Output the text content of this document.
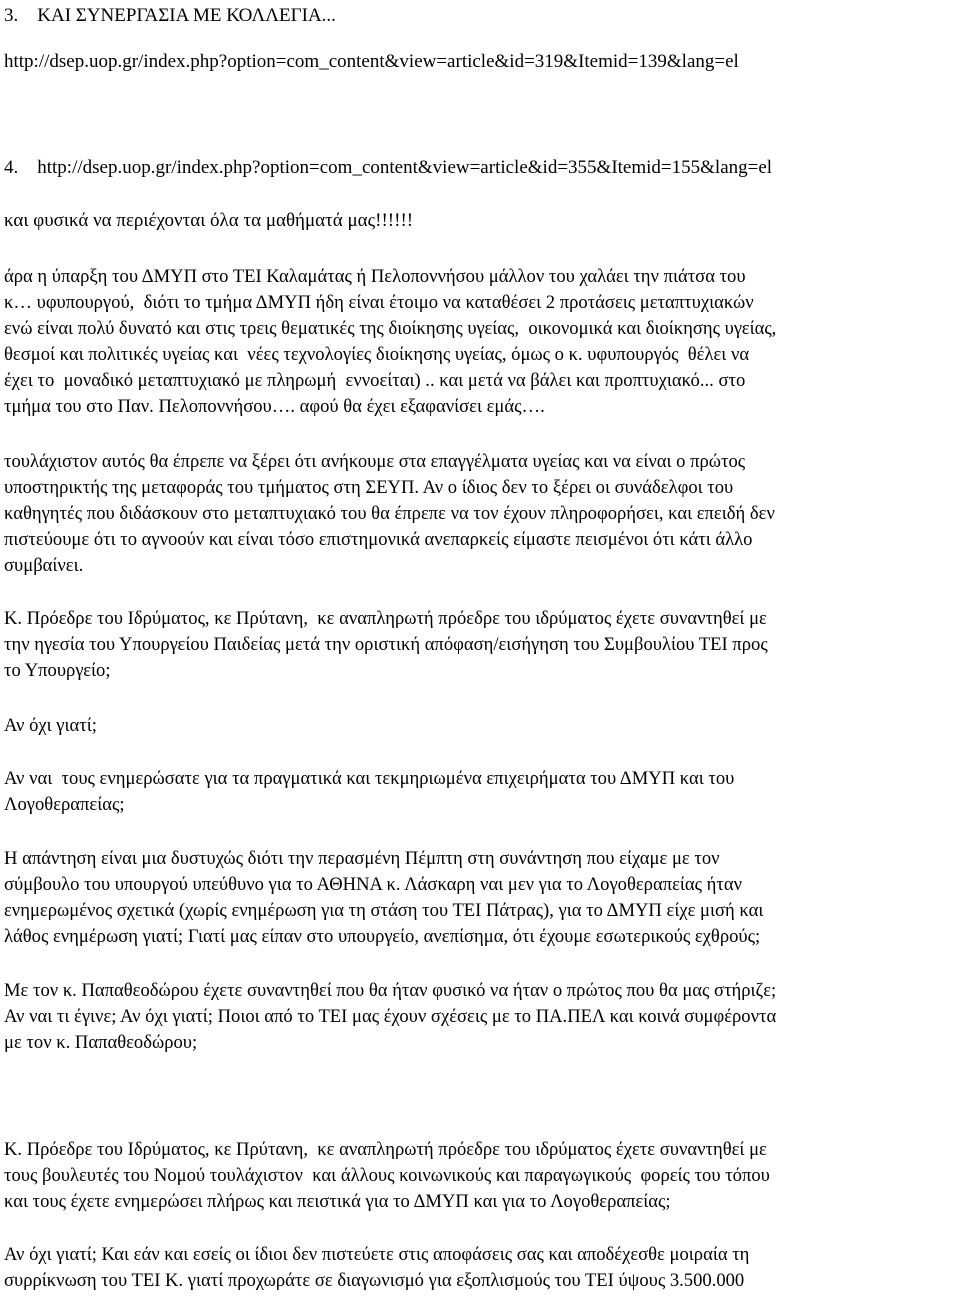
3.    ΚΑΙ ΣΥΝΕΡΓΑΣΙΑ ΜΕ ΚΟΛΛΕΓΙΑ...
http://dsep.uop.gr/index.php?option=com_content&view=article&id=319&Itemid=139&lang=el
4.    http://dsep.uop.gr/index.php?option=com_content&view=article&id=355&Itemid=155&lang=el
και φυσικά να περιέχονται όλα τα μαθήματά μας!!!!!!
άρα η ύπαρξη του ΔΜΥΠ στο ΤΕΙ Καλαμάτας ή Πελοποννήσου μάλλον του χαλάει την πιάτσα του
κ… υφυπουργού,  διότι το τμήμα ΔΜΥΠ ήδη είναι έτοιμο να καταθέσει 2 προτάσεις μεταπτυχιακών
ενώ είναι πολύ δυνατό και στις τρεις θεματικές της διοίκησης υγείας,  οικονομικά και διοίκησης υγείας,
θεσμοί και πολιτικές υγείας και  νέες τεχνολογίες διοίκησης υγείας, όμως ο κ. υφυπουργός  θέλει να
έχει το  μοναδικό μεταπτυχιακό με πληρωμή  εννοείται) .. και μετά να βάλει και προπτυχιακό... στο
τμήμα του στο Παν. Πελοποννήσου…. αφού θα έχει εξαφανίσει εμάς….
τουλάχιστον αυτός θα έπρεπε να ξέρει ότι ανήκουμε στα επαγγέλματα υγείας και να είναι ο πρώτος
υποστηρικτής της μεταφοράς του τμήματος στη ΣΕΥΠ. Αν ο ίδιος δεν το ξέρει οι συνάδελφοι του
καθηγητές που διδάσκουν στο μεταπτυχιακό του θα έπρεπε να τον έχουν πληροφορήσει, και επειδή δεν
πιστεύουμε ότι το αγνοούν και είναι τόσο επιστημονικά ανεπαρκείς είμαστε πεισμένοι ότι κάτι άλλο
συμβαίνει.
Κ. Πρόεδρε του Ιδρύματος, κε Πρύτανη,  κε αναπληρωτή πρόεδρε του ιδρύματος έχετε συναντηθεί με
την ηγεσία του Υπουργείου Παιδείας μετά την οριστική απόφαση/εισήγηση του Συμβουλίου ΤΕΙ προς
το Υπουργείο;
Αν όχι γιατί;
Αν ναι  τους ενημερώσατε για τα πραγματικά και τεκμηριωμένα επιχειρήματα του ΔΜΥΠ και του
Λογοθεραπείας;
Η απάντηση είναι μια δυστυχώς διότι την περασμένη Πέμπτη στη συνάντηση που είχαμε με τον
σύμβουλο του υπουργού υπεύθυνο για το ΑΘΗΝΑ κ. Λάσκαρη ναι μεν για το Λογοθεραπείας ήταν
ενημερωμένος σχετικά (χωρίς ενημέρωση για τη στάση του ΤΕΙ Πάτρας), για το ΔΜΥΠ είχε μισή και
λάθος ενημέρωση γιατί; Γιατί μας είπαν στο υπουργείο, ανεπίσημα, ότι έχουμε εσωτερικούς εχθρούς;
Με τον κ. Παπαθεοδώρου έχετε συναντηθεί που θα ήταν φυσικό να ήταν ο πρώτος που θα μας στήριζε;
Αν ναι τι έγινε; Αν όχι γιατί; Ποιοι από το ΤΕΙ μας έχουν σχέσεις με το ΠΑ.ΠΕΛ και κοινά συμφέροντα
με τον κ. Παπαθεοδώρου;
Κ. Πρόεδρε του Ιδρύματος, κε Πρύτανη,  κε αναπληρωτή πρόεδρε του ιδρύματος έχετε συναντηθεί με
τους βουλευτές του Νομού τουλάχιστον  και άλλους κοινωνικούς και παραγωγικούς  φορείς του τόπου
και τους έχετε ενημερώσει πλήρως και πειστικά για το ΔΜΥΠ και για το Λογοθεραπείας;
Αν όχι γιατί; Και εάν και εσείς οι ίδιοι δεν πιστεύετε στις αποφάσεις σας και αποδέχεσθε μοιραία τη
συρρίκνωση του ΤΕΙ Κ. γιατί προχωράτε σε διαγωνισμό για εξοπλισμούς του ΤΕΙ ύψους 3.500.000
